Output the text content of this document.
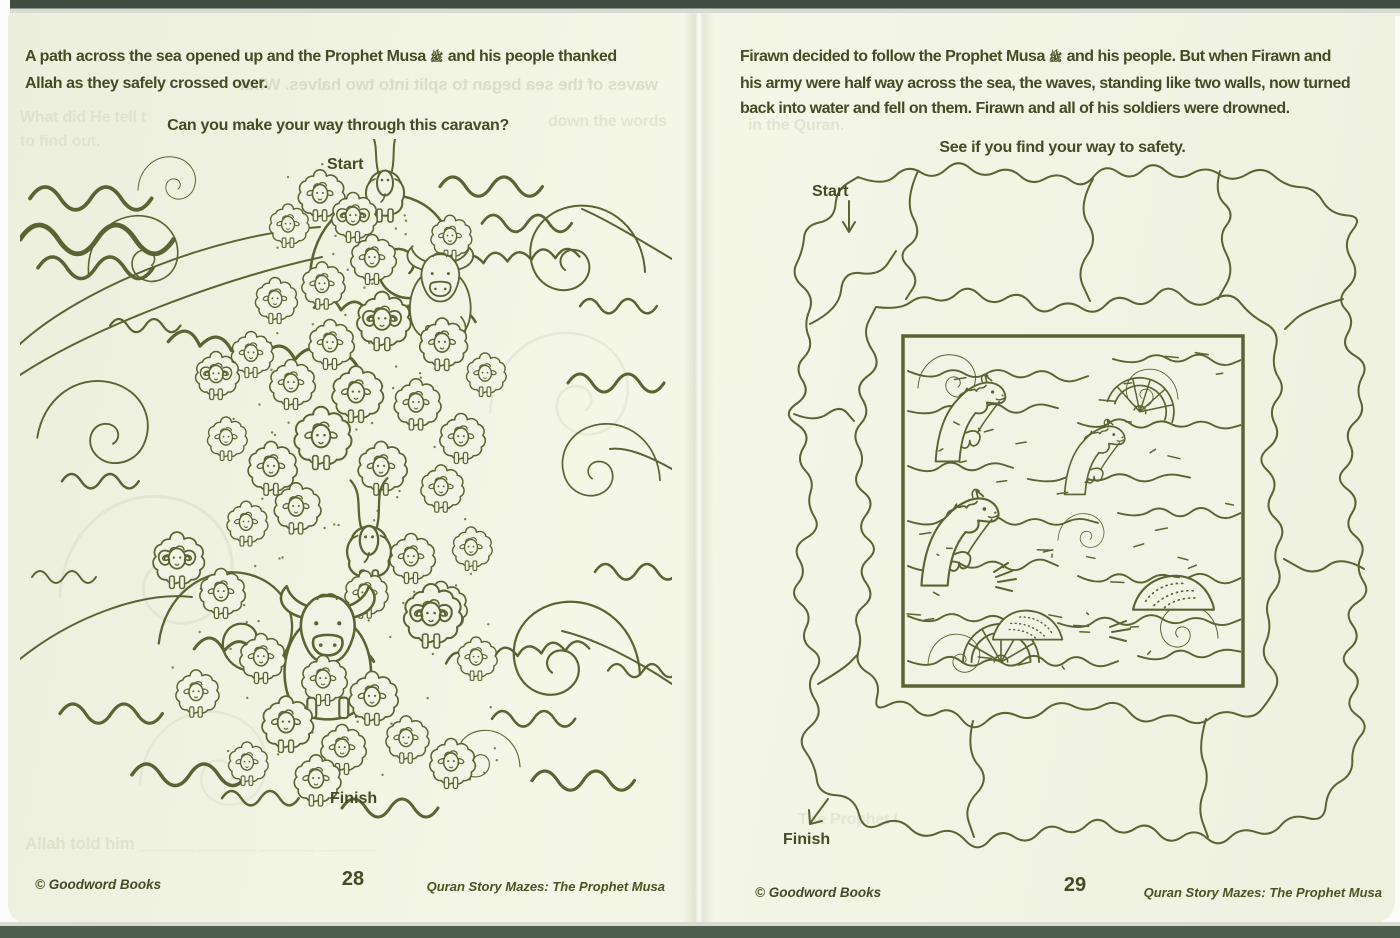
waves of the sea began to split into two halves. What
What did He tell t	down the words
to find out.
Allah told him ______ ______ ______ ______
A path across the sea opened up and the Prophet Musa ﷺ and his people thanked
Allah as they safely crossed over.
Can you make your way through this caravan?
Start
Finish
© Goodword Books	28	Quran Story Mazes: The Prophet Musa
in the Quran.
The Prophet I
Firawn decided to follow the Prophet Musa ﷺ and his people. But when Firawn and
his army were half way across the sea, the waves, standing like two walls, now turned
back into water and fell on them. Firawn and all of his soldiers were drowned.
See if you find your way to safety.
Start
Finish
© Goodword Books	29	Quran Story Mazes: The Prophet Musa
